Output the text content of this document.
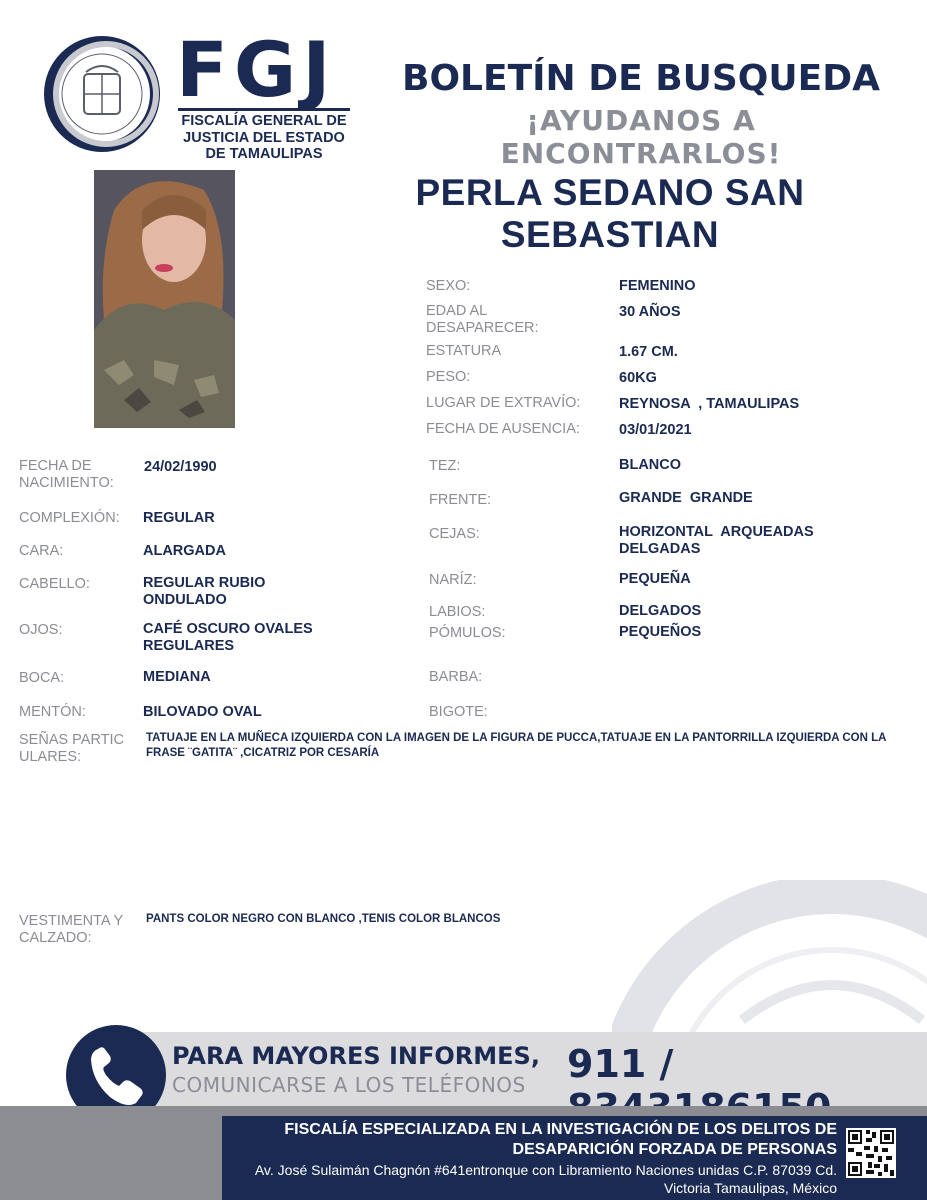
FGJ
FISCALÍA GENERAL DE JUSTICIA DEL ESTADO DE TAMAULIPAS
BOLETÍN DE BUSQUEDA
¡AYUDANOS A ENCONTRARLOS!
PERLA SEDANO SAN SEBASTIAN
SEXO:	FEMENINO
EDAD AL DESAPARECER:
30 AÑOS
ESTATURA	1.67 CM.
PESO:	60KG
LUGAR DE EXTRAVÍO:	REYNOSA  , TAMAULIPAS
FECHA DE AUSENCIA:	03/01/2021
FECHA DE NACIMIENTO:
24/02/1990
COMPLEXIÓN: REGULAR
CARA:	ALARGADA
CABELLO:	REGULAR RUBIO ONDULADO
OJOS:	CAFÉ OSCURO OVALES REGULARES
BOCA:	MEDIANA
MENTÓN:	BILOVADO OVAL
TEZ:	BLANCO
FRENTE:	GRANDE  GRANDE
CEJAS:	HORIZONTAL  ARQUEADAS DELGADAS
NARÍZ:	PEQUEÑA
LABIOS:	DELGADOS
PÓMULOS:	PEQUEÑOS
BARBA:
BIGOTE:
SEÑAS PARTICULARES:
TATUAJE EN LA MUÑECA IZQUIERDA CON LA IMAGEN DE LA FIGURA DE PUCCA,TATUAJE EN LA PANTORRILLA IZQUIERDA CON LA FRASE ¨GATITA¨ ,CICATRIZ POR CESARÍA
VESTIMENTA Y CALZADO:
PANTS COLOR NEGRO CON BLANCO ,TENIS COLOR BLANCOS
PARA MAYORES INFORMES,
COMUNICARSE A LOS TELÉFONOS 911 /
FISCALÍA ESPECIALIZADA EN LA INVESTIGACIÓN DE LOS DELITOS DE DESAPARICIÓN FORZADA DE PERSONAS
Av. José Sulaimán Chagnón #641entronque con Libramiento Naciones unidas C.P. 87039 Cd. Victoria Tamaulipas, México
